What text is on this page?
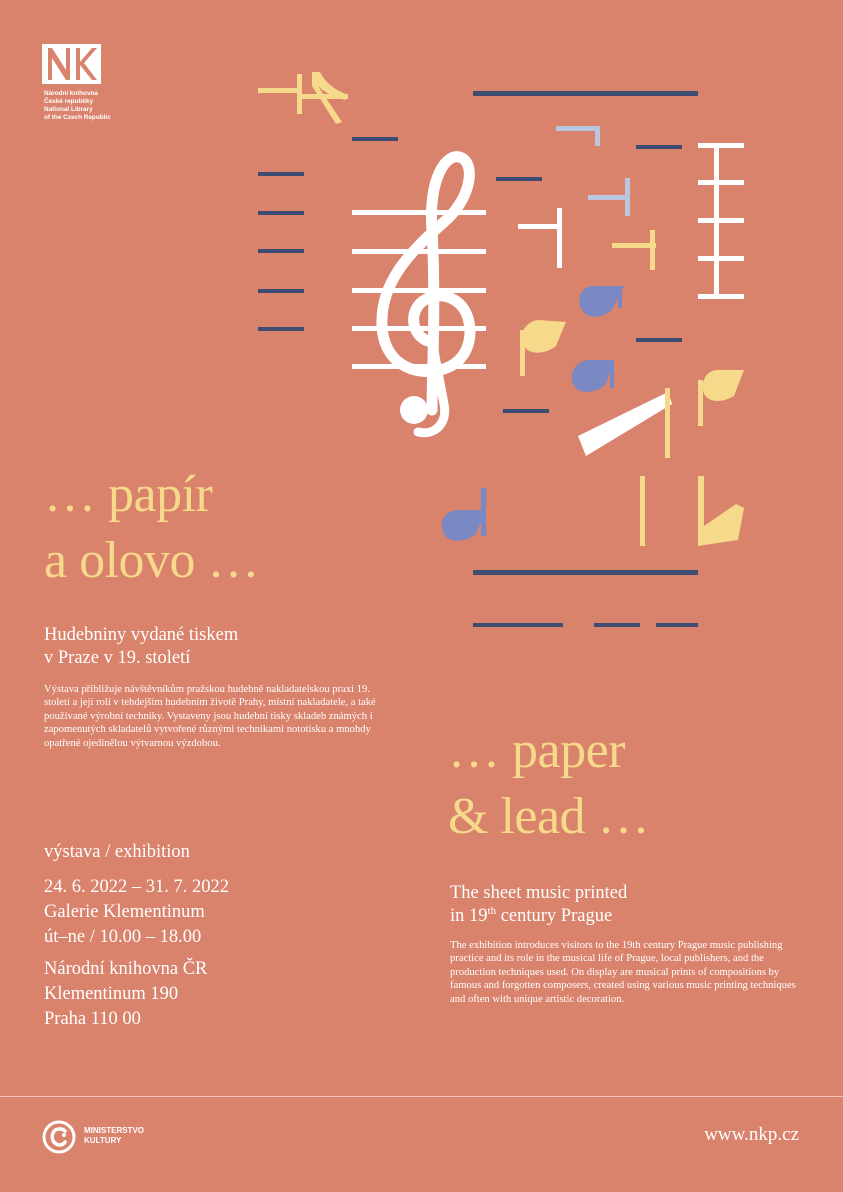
Národní knihovna
České republiky
National Library
of the Czech Republic
… papír
a olovo …
Hudebniny vydané tiskem
v Praze v 19. století
Výstava přibližuje návštěvníkům pražskou hudebně nakladatelskou praxi 19. století a její roli v tehdejším hudebním životě Prahy, místní nakladatele, a také používané výrobní techniky. Vystaveny jsou hudební tisky skladeb známých i zapomenutých skladatelů vytvořené různými technikami nototisku a mnohdy opatřené ojedinělou výtvarnou výzdobou.
výstava / exhibition
24. 6. 2022 – 31. 7. 2022
Galerie Klementinum
út–ne / 10.00 – 18.00
Národní knihovna ČR
Klementinum 190
Praha 110 00
… paper
& lead …
The sheet music printed
in 19th century Prague
The exhibition introduces visitors to the 19th century Prague music publishing practice and its role in the musical life of Prague, local publishers, and the production techniques used. On display are musical prints of compositions by famous and forgotten composers, created using various music printing techniques and often with unique artistic decoration.
MINISTERSTVO
KULTURY	www.nkp.cz
